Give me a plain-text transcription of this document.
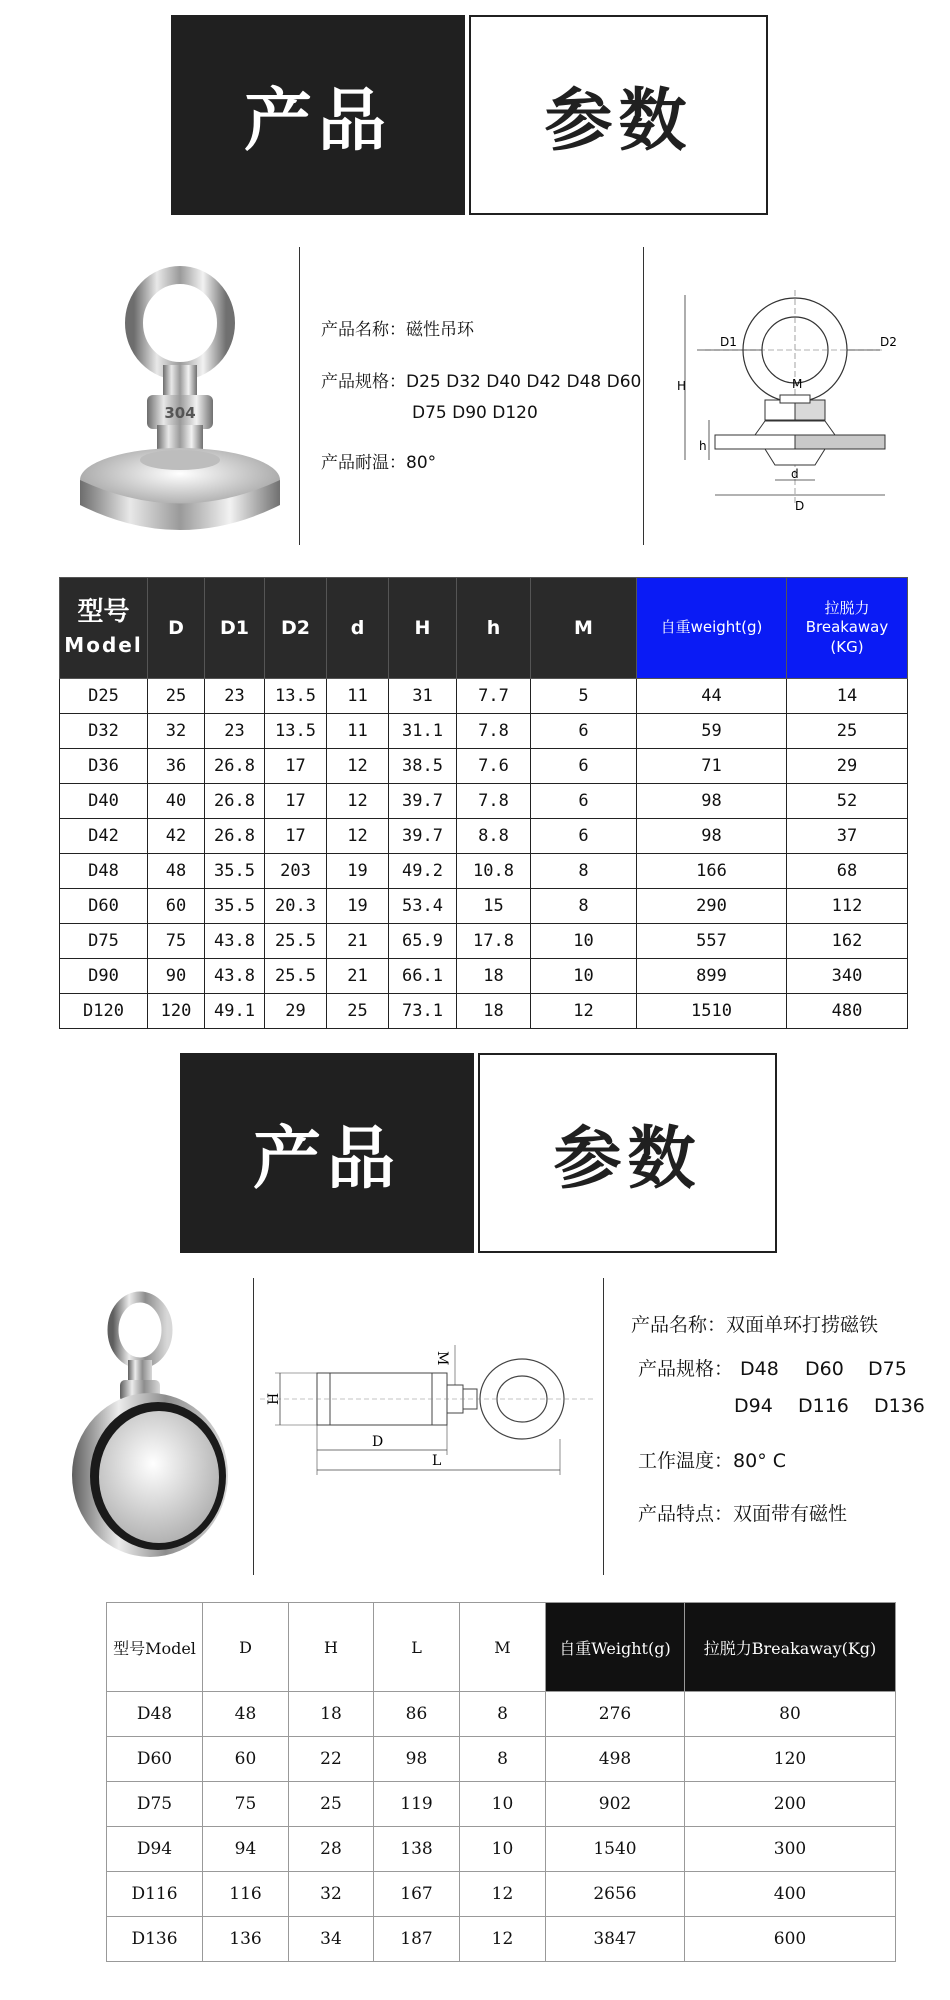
产品 参数
304
产品名称：磁性吊环
产品规格：D25 D32 D40 D42 D48 D60
D75 D90 D120
产品耐温：80°
D1	D2
M
H
h
d
D
型号
Model	D	D1	D2	d	H	h	M	自重weight(g)	拉脱力
Breakaway
(KG)
D25	25	23	13.5	11	31	7.7	5	44	14
D32	32	23	13.5	11	31.1	7.8	6	59	25
D36	36	26.8	17	12	38.5	7.6	6	71	29
D40	40	26.8	17	12	39.7	7.8	6	98	52
D42	42	26.8	17	12	39.7	8.8	6	98	37
D48	48	35.5	203	19	49.2	10.8	8	166	68
D60	60	35.5	20.3	19	53.4	15	8	290	112
D75	75	43.8	25.5	21	65.9	17.8	10	557	162
D90	90	43.8	25.5	21	66.1	18	10	899	340
D120	120	49.1	29	25	73.1	18	12	1510	480
产品 参数
H
D
L
M
产品名称：双面单环打捞磁铁
产品规格： D48 D60 D75
D94 D116 D136
工作温度：80° C
产品特点：双面带有磁性
型号Model	D	H	L	M	自重Weight(g)	拉脱力Breakaway(Kg)
D48	48	18	86	8	276	80
D60	60	22	98	8	498	120
D75	75	25	119	10	902	200
D94	94	28	138	10	1540	300
D116	116	32	167	12	2656	400
D136	136	34	187	12	3847	600
